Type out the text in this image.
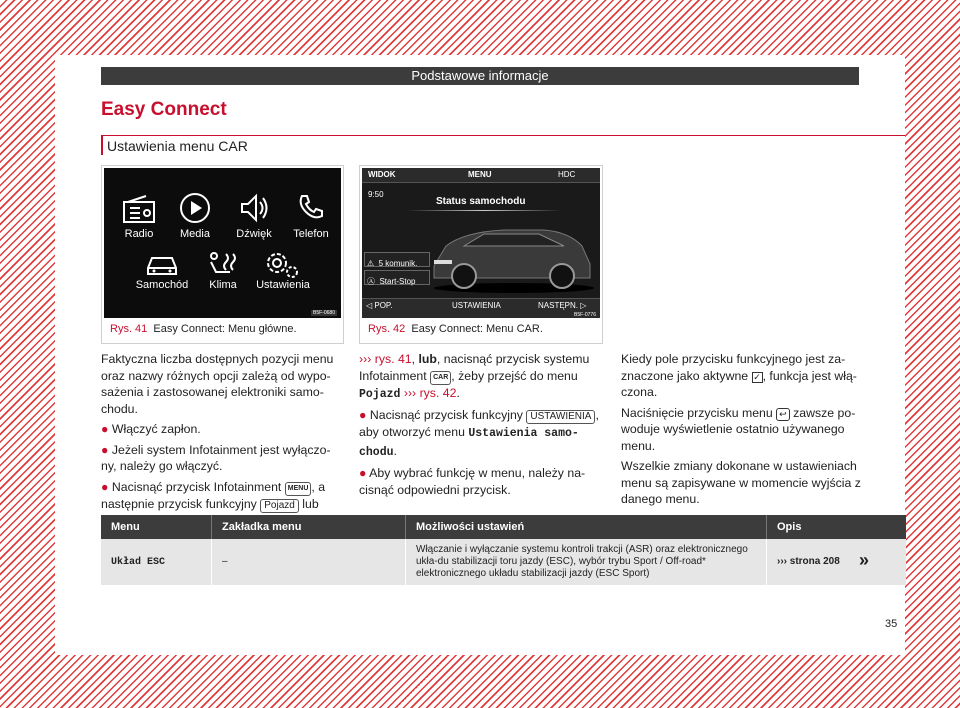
Podstawowe informacje
Easy Connect
Ustawienia menu CAR
Radio	Media	Dźwięk	Telefon
Samochód	Klima	Ustawienia
B5F-0680
Rys. 41 Easy Connect: Menu główne.
WIDOK	MENU	HDC
9:50
Status samochodu
⚠ 5 komunik.
Ⓐ Start-Stop
◁ POP.	USTAWIENIA	NASTĘPN. ▷
B5F-0776
Rys. 42 Easy Connect: Menu CAR.

Faktyczna liczba dostępnych pozycji menu oraz nazwy różnych opcji zależą od wypo-sażenia i zastosowanej elektroniki samo-chodu.

● Włączyć zapłon.

● Jeżeli system Infotainment jest wyłączo-ny, należy go włączyć.

● Nacisnąć przycisk Infotainment MENU , a następnie przycisk funkcyjny Pojazd lub

››› rys. 41, lub, nacisnąć przycisk systemu Infotainment CAR , żeby przejść do menu Pojazd ››› rys. 42.

● Nacisnąć przycisk funkcyjny USTAWIENIA , aby otworzyć menu Ustawienia samo-chodu.

● Aby wybrać funkcję w menu, należy na-cisnąć odpowiedni przycisk.

Kiedy pole przycisku funkcyjnego jest za-znaczone jako aktywne ✓ , funkcja jest włą-czona.

Naciśnięcie przycisku menu ↩ zawsze po-woduje wyświetlenie ostatnio używanego menu.

Wszelkie zmiany dokonane w ustawieniach menu są zapisywane w momencie wyjścia z danego menu.

Menu	Zakładka menu	Możliwości ustawień	Opis
Układ ESC	–	Włączanie i wyłączanie systemu kontroli trakcji (ASR) oraz elektronicznego ukła-du stabilizacji toru jazdy (ESC), wybór trybu Sport / Off-road* elektronicznego układu stabilizacji jazdy (ESC Sport)	››› strona 208 »
35
